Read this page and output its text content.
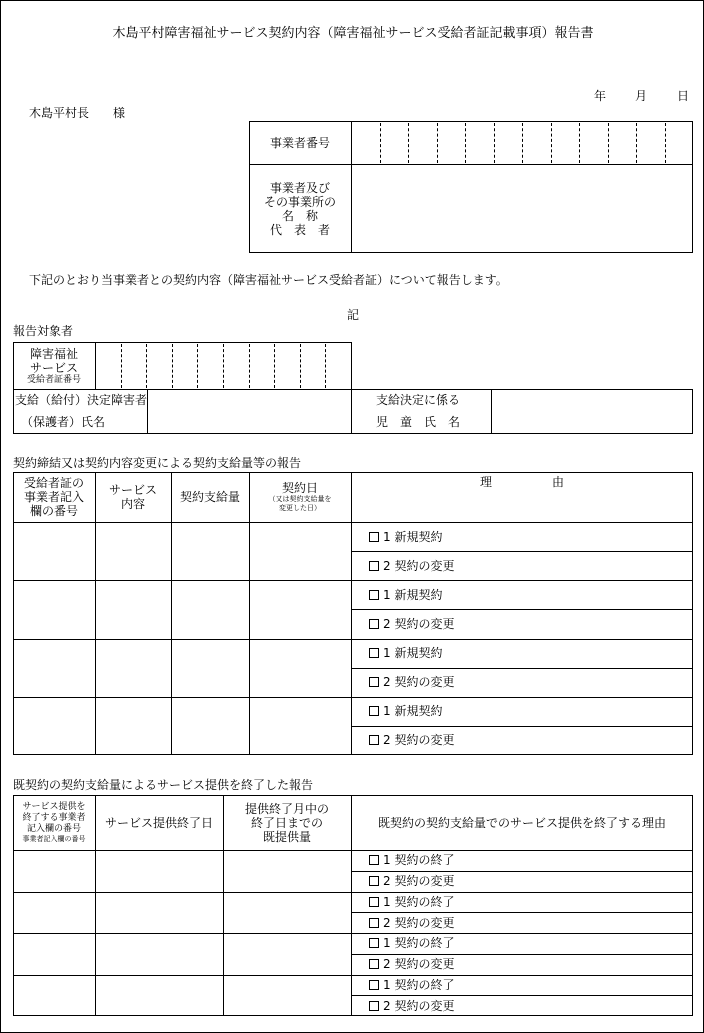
木島平村障害福祉サービス契約内容（障害福祉サービス受給者証記載事項）報告書
年 月 日
木島平村長　　様
事業者番号
事業者及び
その事業所の
名　称
代　表　者
下記のとおり当事業者との契約内容（障害福祉サービス受給者証）について報告します。
記
報告対象者
障害福祉
サービス
受給者証番号
支給（給付）決定障害者
（保護者）氏名
支給決定に係る
児　童　氏　名
契約締結又は契約内容変更による契約支給量等の報告
受給者証の
事業者記入
欄の番号
サービス
内容	契約支給量
契約日
（又は契約支給量を
変更した日）
理　　　　　由
1 新規契約
2 契約の変更
1 新規契約
2 契約の変更
1 新規契約
2 契約の変更
1 新規契約
2 契約の変更
既契約の契約支給量によるサービス提供を終了した報告
サービス提供を
終了する事業者
記入欄の番号
事業者記入欄の番号
サービス提供終了日
提供終了月中の
終了日までの
既提供量
既契約の契約支給量でのサービス提供を終了する理由
1 契約の終了
2 契約の変更
1 契約の終了
2 契約の変更
1 契約の終了
2 契約の変更
1 契約の終了
2 契約の変更
